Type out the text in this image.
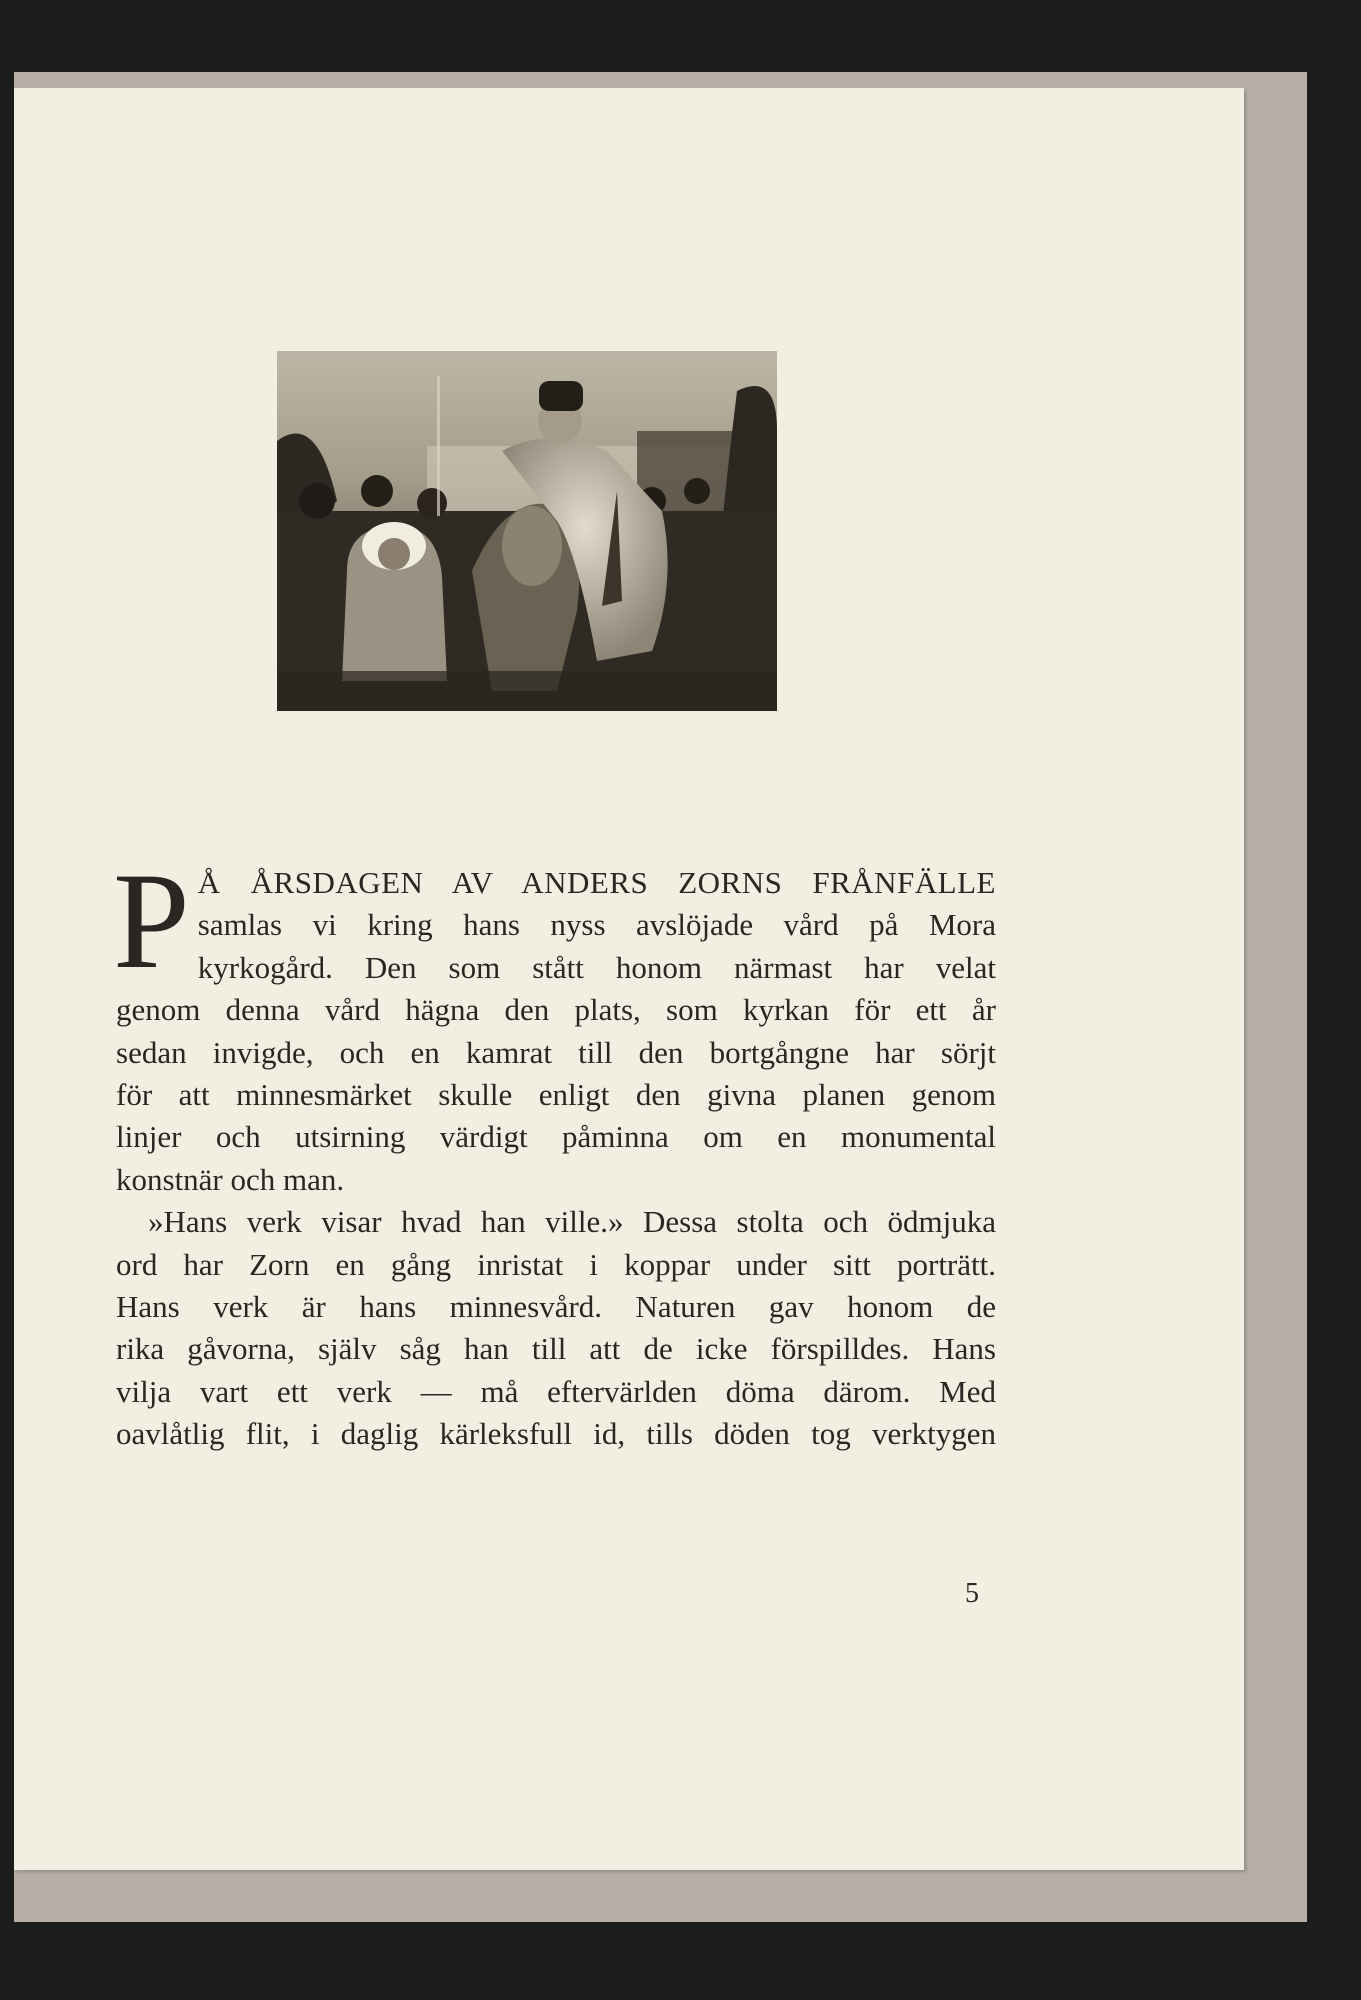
P Å ÅRSDAGEN AV ANDERS ZORNS FRÅNFÄLLE
samlas vi kring hans nyss avslöjade vård på Mora
kyrkogård. Den som stått honom närmast har velat
genom denna vård hägna den plats, som kyrkan för ett år
sedan invigde, och en kamrat till den bortgångne har sörjt
för att minnesmärket skulle enligt den givna planen genom
linjer och utsirning värdigt påminna om en monumental
konstnär och man.
»Hans verk visar hvad han ville.» Dessa stolta och ödmjuka
ord har Zorn en gång inristat i koppar under sitt porträtt.
Hans verk är hans minnesvård. Naturen gav honom de
rika gåvorna, själv såg han till att de icke förspilldes. Hans
vilja vart ett verk — må eftervärlden döma därom. Med
oavlåtlig flit, i daglig kärleksfull id, tills döden tog verktygen
5
